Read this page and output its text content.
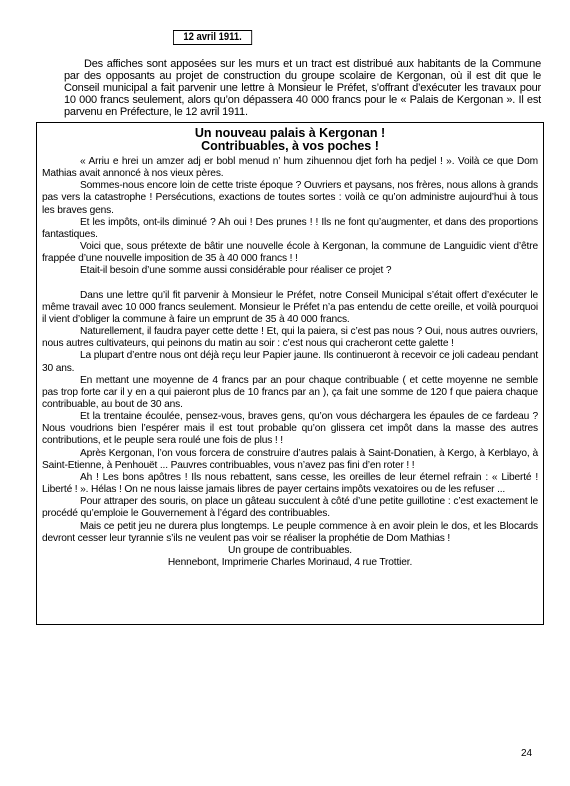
12 avril 1911.

Des affiches sont apposées sur les murs et un tract est distribué aux habitants de la Commune par des opposants au projet de construction du groupe scolaire de Kergonan, où il est dit que le Conseil municipal a fait parvenir une lettre à Monsieur le Préfet, s’offrant d’exécuter les travaux pour 10 000 francs seulement, alors qu’on dépassera 40 000 francs pour le « Palais de Kergonan ». Il est parvenu en Préfecture, le 12 avril 1911.

Un nouveau palais à Kergonan !
Contribuables, à vos poches !

« Arriu e hrei un amzer adj er bobl menud n’ hum zihuennou djet forh ha pedjel ! ». Voilà ce que Dom Mathias avait annoncé à nos vieux pères.

Sommes-nous encore loin de cette triste époque ? Ouvriers et paysans, nos frères, nous allons à grands pas vers la catastrophe ! Persécutions, exactions de toutes sortes : voilà ce qu’on administre aujourd’hui à tous les braves gens.

Et les impôts, ont-ils diminué ? Ah oui ! Des prunes ! ! Ils ne font qu’augmenter, et dans des proportions fantastiques.

Voici que, sous prétexte de bâtir une nouvelle école à Kergonan, la commune de Languidic vient d’être frappée d’une nouvelle imposition de 35 à 40 000 francs ! !

Etait-il besoin d’une somme aussi considérable pour réaliser ce projet ?

Dans une lettre qu’il fit parvenir à Monsieur le Préfet, notre Conseil Municipal s’était offert d’exécuter le même travail avec 10 000 francs seulement. Monsieur le Préfet n’a pas entendu de cette oreille, et voilà pourquoi il vient d’obliger la commune à faire un emprunt de 35 à 40 000 francs.

Naturellement, il faudra payer cette dette ! Et, qui la paiera, si c’est pas nous ? Oui, nous autres ouvriers, nous autres cultivateurs, qui peinons du matin au soir : c’est nous qui cracheront cette galette !

La plupart d’entre nous ont déjà reçu leur Papier jaune. Ils continueront à recevoir ce joli cadeau pendant 30 ans.

En mettant une moyenne de 4 francs par an pour chaque contribuable ( et cette moyenne ne semble pas trop forte car il y en a qui paieront plus de 10 francs par an ), ça fait une somme de 120 f que paiera chaque contribuable, au bout de 30 ans.

Et la trentaine écoulée, pensez-vous, braves gens, qu’on vous déchargera les épaules de ce fardeau ? Nous voudrions bien l’espérer mais il est tout probable qu’on glissera cet impôt dans la masse des autres contributions, et le peuple sera roulé une fois de plus ! !

Après Kergonan, l’on vous forcera de construire d’autres palais à Saint-Donatien, à Kergo, à Kerblayo, à Saint-Etienne, à Penhouët ... Pauvres contribuables, vous n’avez pas fini d’en roter ! !

Ah ! Les bons apôtres ! Ils nous rebattent, sans cesse, les oreilles de leur éternel refrain : « Liberté ! Liberté ! ». Hélas ! On ne nous laisse jamais libres de payer certains impôts vexatoires ou de les refuser ...

Pour attraper des souris, on place un gâteau succulent à côté d’une petite guillotine : c’est exactement le procédé qu’emploie le Gouvernement à l’égard des contribuables.

Mais ce petit jeu ne durera plus longtemps. Le peuple commence à en avoir plein le dos, et les Blocards devront cesser leur tyrannie s’ils ne veulent pas voir se réaliser la prophétie de Dom Mathias !

Un groupe de contribuables.

Hennebont, Imprimerie Charles Morinaud, 4 rue Trottier.

24
